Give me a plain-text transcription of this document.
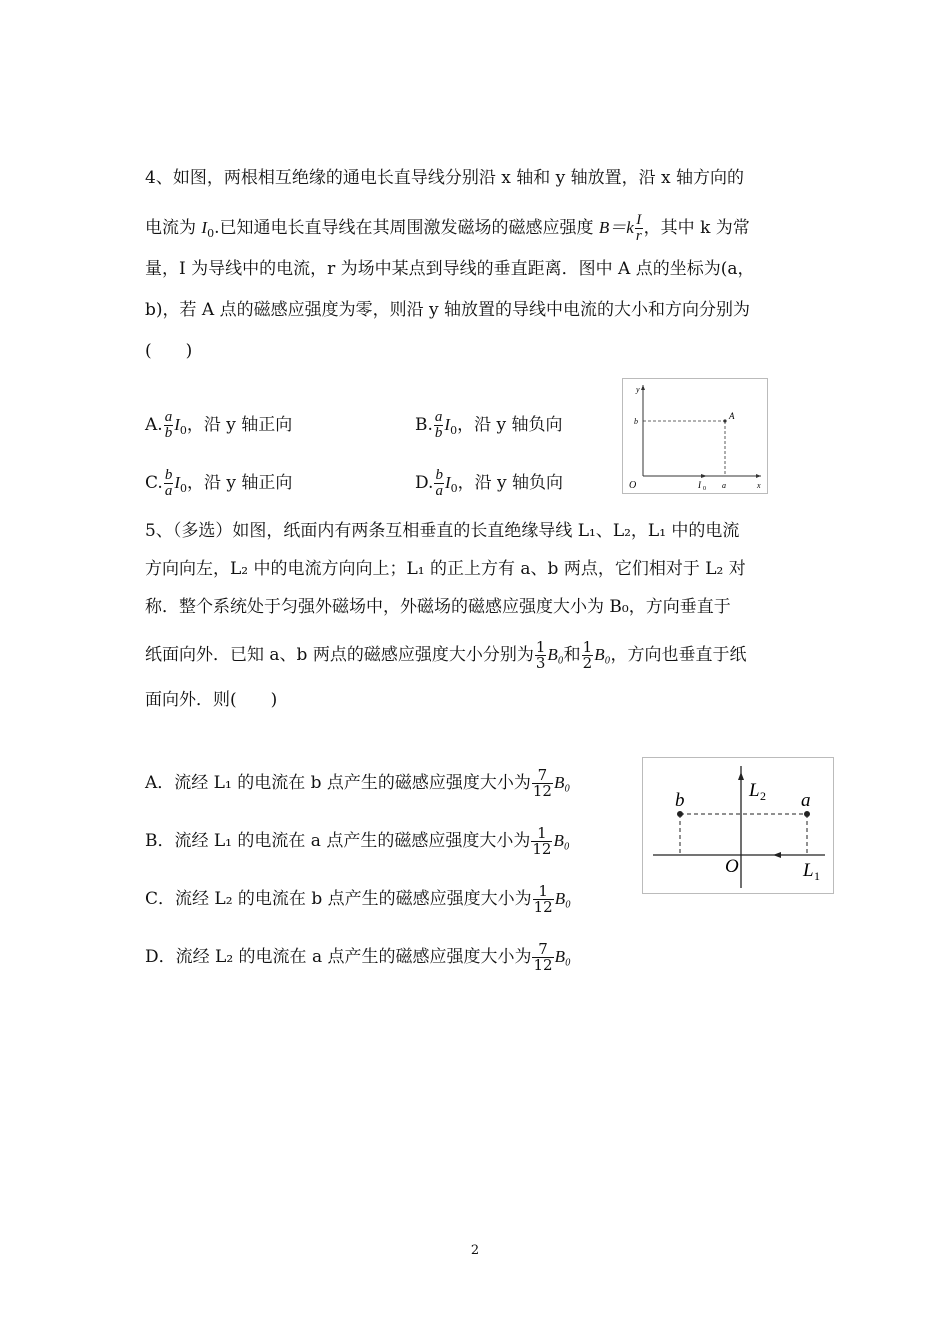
4、如图，两根相互绝缘的通电长直导线分别沿 x 轴和 y 轴放置，沿 x 轴方向的
电流为 $I_0$.已知通电长直导线在其周围激发磁场的磁感应强度 $B=k \frac{I}{r}$ ，其中 k 为常
量，I 为导线中的电流，r 为场中某点到导线的垂直距离．图中 A 点的坐标为(a，
b)，若 A 点的磁感应强度为零，则沿 y 轴放置的导线中电流的大小和方向分别为
(　　)
A. $\frac{a}{b} I_0$，沿 y 轴正向	B. $\frac{a}{b} I_0$，沿 y 轴负向
C. $\frac{b}{a} I_0$，沿 y 轴正向	D. $\frac{b}{a} I_0$，沿 y 轴负向
y
b
A
O	I 0 a	x
5、（多选）如图，纸面内有两条互相垂直的长直绝缘导线 L₁、L₂，L₁ 中的电流
方向向左，L₂ 中的电流方向向上；L₁ 的正上方有 a、b 两点，它们相对于 L₂ 对
称．整个系统处于匀强外磁场中，外磁场的磁感应强度大小为 B₀，方向垂直于
纸面向外．已知 a、b 两点的磁感应强度大小分别为 $\frac{1}{3} B_0$和 $\frac{1}{2} B_0$，方向也垂直于纸
面向外．则(　　)
A．流经 L₁ 的电流在 b 点产生的磁感应强度大小为 $\frac{7}{12} B_0$
B．流经 L₁ 的电流在 a 点产生的磁感应强度大小为 $\frac{1}{12} B_0$
C．流经 L₂ 的电流在 b 点产生的磁感应强度大小为 $\frac{1}{12} B_0$
D．流经 L₂ 的电流在 a 点产生的磁感应强度大小为 $\frac{7}{12} B_0$
b	a
L 2
O	L 1
2
